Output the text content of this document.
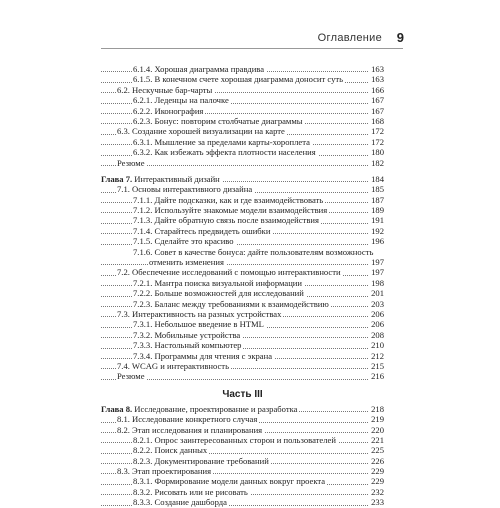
Оглавление 9
6.1.4. Хорошая диаграмма правдива	163
6.1.5. В конечном счете хорошая диаграмма доносит суть	163
6.2. Нескучные бар-чарты	166
6.2.1. Леденцы на палочке	167
6.2.2. Иконография	167
6.2.3. Бонус: повторим столбчатые диаграммы	168
6.3. Создание хорошей визуализации на карте	172
6.3.1. Мышление за пределами карты-хороплета	172
6.3.2. Как избежать эффекта плотности населения	180
Резюме	182
Глава 7. Интерактивный дизайн	184
7.1. Основы интерактивного дизайна	185
7.1.1. Дайте подсказки, как и где взаимодействовать	187
7.1.2. Используйте знакомые модели взаимодействия	189
7.1.3. Дайте обратную связь после взаимодействия	191
7.1.4. Старайтесь предвидеть ошибки	192
7.1.5. Сделайте это красиво	196
7.1.6. Совет в качестве бонуса: дайте пользователям возможность
отменить изменения	197
7.2. Обеспечение исследований с помощью интерактивности	197
7.2.1. Мантра поиска визуальной информации	198
7.2.2. Больше возможностей для исследований	201
7.2.3. Баланс между требованиями к взаимодействию	203
7.3. Интерактивность на разных устройствах	206
7.3.1. Небольшое введение в HTML	206
7.3.2. Мобильные устройства	208
7.3.3. Настольный компьютер	210
7.3.4. Программы для чтения с экрана	212
7.4. WCAG и интерактивность	215
Резюме	216
Часть III
Глава 8. Исследование, проектирование и разработка	218
8.1. Исследование конкретного случая	219
8.2. Этап исследования и планирования	220
8.2.1. Опрос заинтересованных сторон и пользователей	221
8.2.2. Поиск данных	225
8.2.3. Документирование требований	226
8.3. Этап проектирования	229
8.3.1. Формирование модели данных вокруг проекта	229
8.3.2. Рисовать или не рисовать	232
8.3.3. Создание дашборда	233
